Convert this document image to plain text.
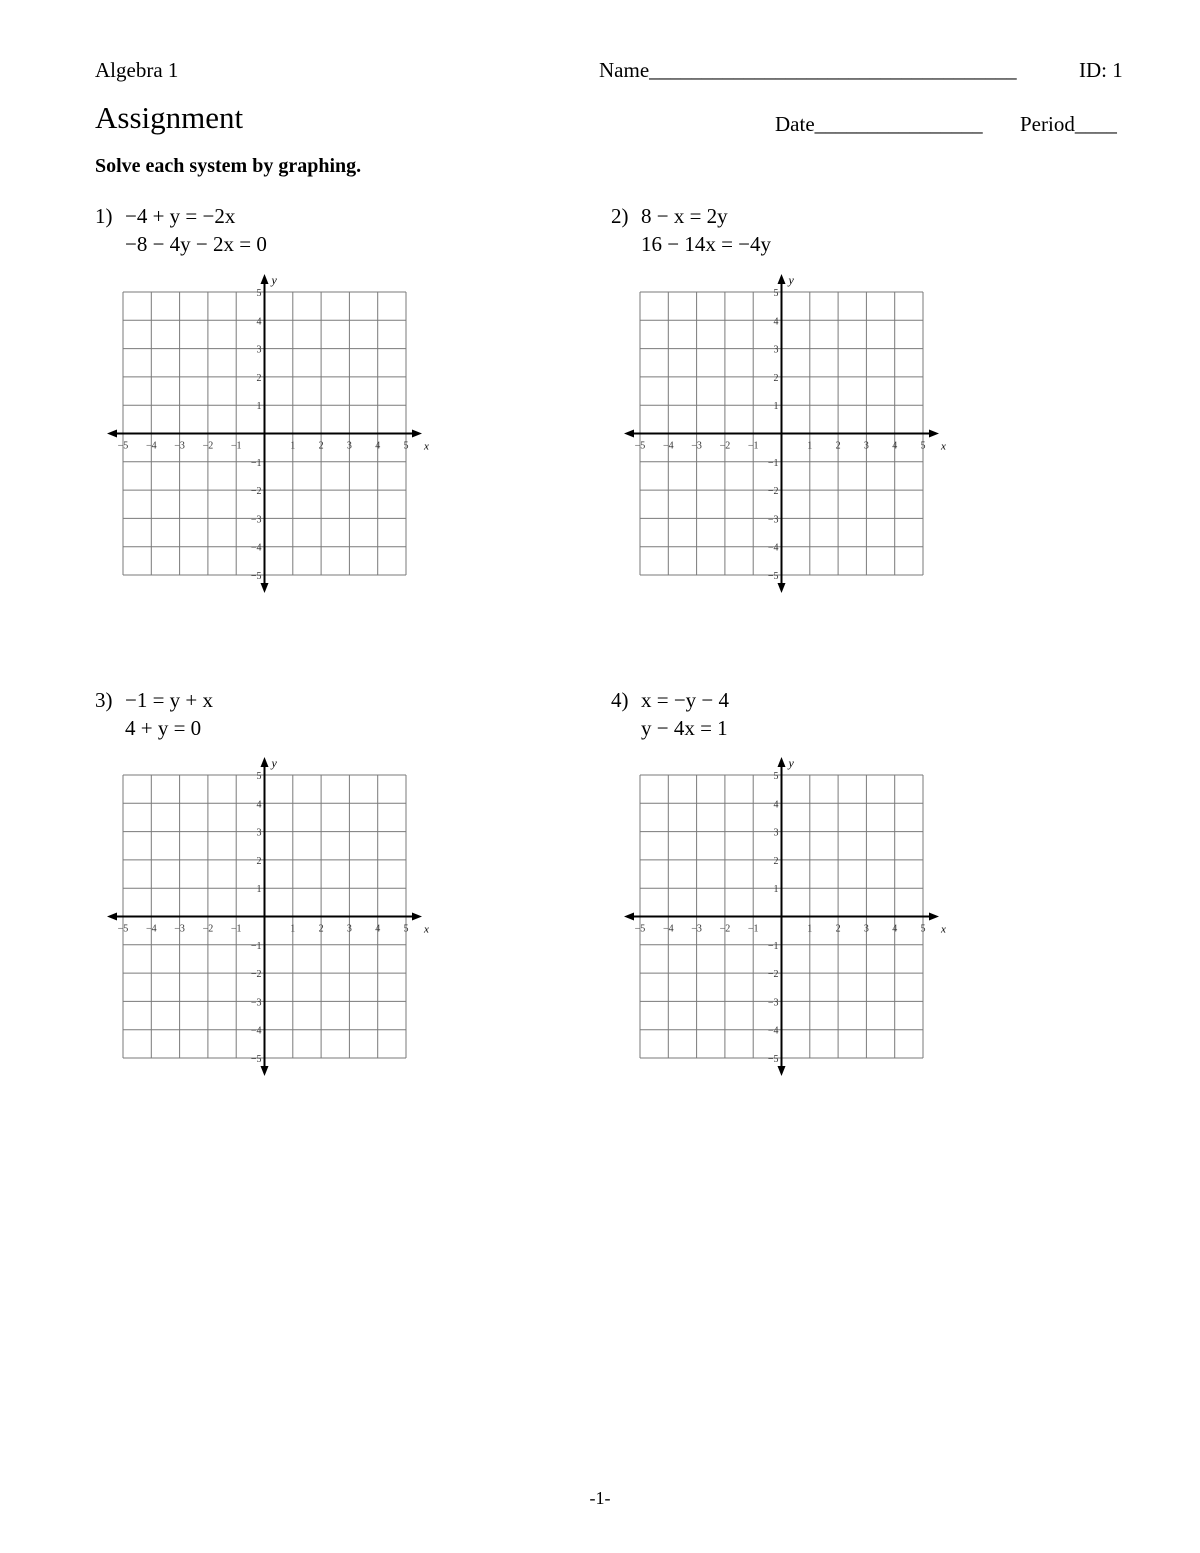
Algebra 1	Name___________________________________	ID: 1
Assignment	Date________________ Period____
Solve each system by graphing.
1) −4 + y = −2x
−8 − 4y − 2x = 0
2) 8 − x = 2y
16 − 14x = −4y
3) −1 = y + x
4 + y = 0
4) x = −y − 4
y − 4x = 1
x
y
−5
−5
−4
−4
−3
−3
−2
−2
−1
−1
1
1
2
2
3
3
4
4
5
5
x
y
−5
−5
−4
−4
−3
−3
−2
−2
−1
−1
1
1
2
2
3
3
4
4
5
5
x
y
−5
−5
−4
−4
−3
−3
−2
−2
−1
−1
1
1
2
2
3
3
4
4
5
5
x
y
−5
−5
−4
−4
−3
−3
−2
−2
−1
−1
1
1
2
2
3
3
4
4
5
5
-1-
